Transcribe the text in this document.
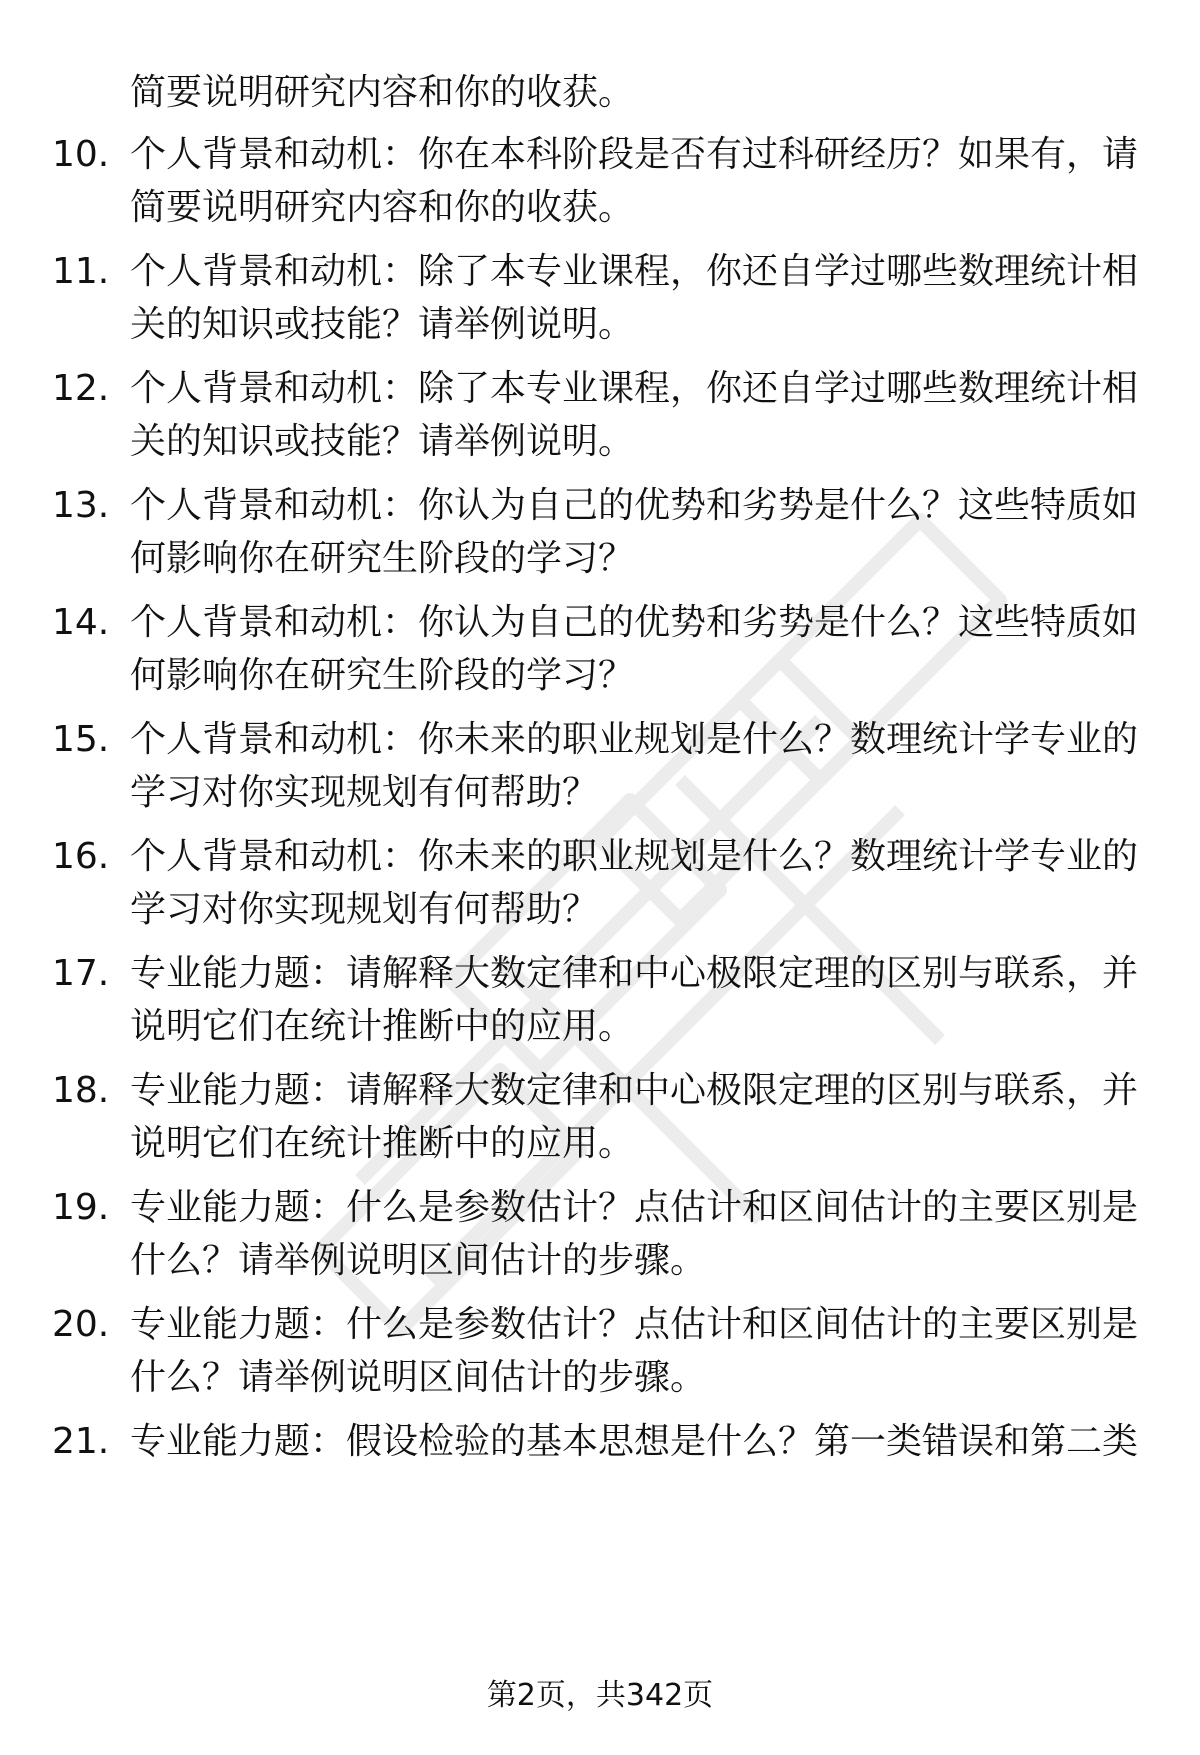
简要说明研究内容和你的收获。
10. 个人背景和动机：你在本科阶段是否有过科研经历？如果有，请
简要说明研究内容和你的收获。
11. 个人背景和动机：除了本专业课程，你还自学过哪些数理统计相
关的知识或技能？请举例说明。
12. 个人背景和动机：除了本专业课程，你还自学过哪些数理统计相
关的知识或技能？请举例说明。
13. 个人背景和动机：你认为自己的优势和劣势是什么？这些特质如
何影响你在研究生阶段的学习？
14. 个人背景和动机：你认为自己的优势和劣势是什么？这些特质如
何影响你在研究生阶段的学习？
15. 个人背景和动机：你未来的职业规划是什么？数理统计学专业的
学习对你实现规划有何帮助？
16. 个人背景和动机：你未来的职业规划是什么？数理统计学专业的
学习对你实现规划有何帮助？
17. 专业能力题：请解释大数定律和中心极限定理的区别与联系，并
说明它们在统计推断中的应用。
18. 专业能力题：请解释大数定律和中心极限定理的区别与联系，并
说明它们在统计推断中的应用。
19. 专业能力题：什么是参数估计？点估计和区间估计的主要区别是
什么？请举例说明区间估计的步骤。
20. 专业能力题：什么是参数估计？点估计和区间估计的主要区别是
什么？请举例说明区间估计的步骤。
21. 专业能力题：假设检验的基本思想是什么？第一类错误和第二类
第2页，共342页
